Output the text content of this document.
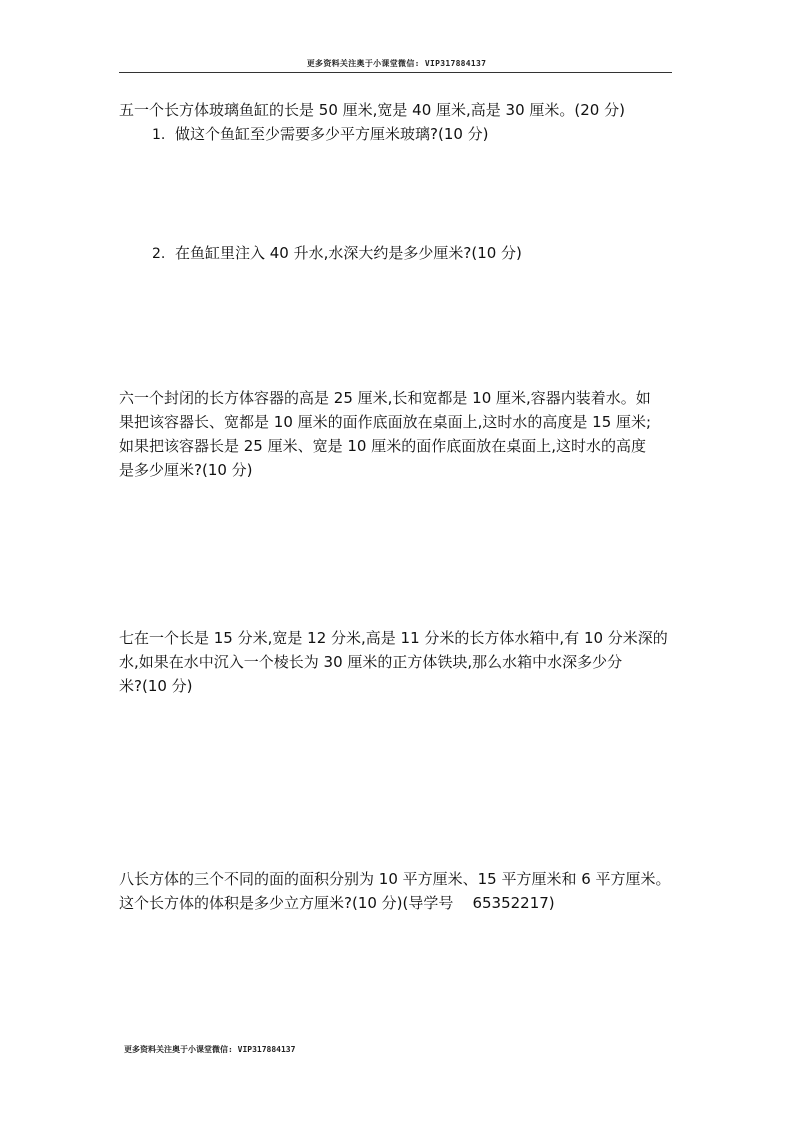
更多资料关注奥于小课堂微信: VIP317884137
五一个长方体玻璃鱼缸的长是 50 厘米,宽是 40 厘米,高是 30 厘米。(20 分)
1. 做这个鱼缸至少需要多少平方厘米玻璃?(10 分)
2. 在鱼缸里注入 40 升水,水深大约是多少厘米?(10 分)
六一个封闭的长方体容器的高是 25 厘米,长和宽都是 10 厘米,容器内装着水。如
果把该容器长、宽都是 10 厘米的面作底面放在桌面上,这时水的高度是 15 厘米;
如果把该容器长是 25 厘米、宽是 10 厘米的面作底面放在桌面上,这时水的高度
是多少厘米?(10 分)
七在一个长是 15 分米,宽是 12 分米,高是 11 分米的长方体水箱中,有 10 分米深的
水,如果在水中沉入一个棱长为 30 厘米的正方体铁块,那么水箱中水深多少分
米?(10 分)
八长方体的三个不同的面的面积分别为 10 平方厘米、15 平方厘米和 6 平方厘米。
这个长方体的体积是多少立方厘米?(10 分)(导学号    65352217)
更多资料关注奥于小课堂微信: VIP317884137
